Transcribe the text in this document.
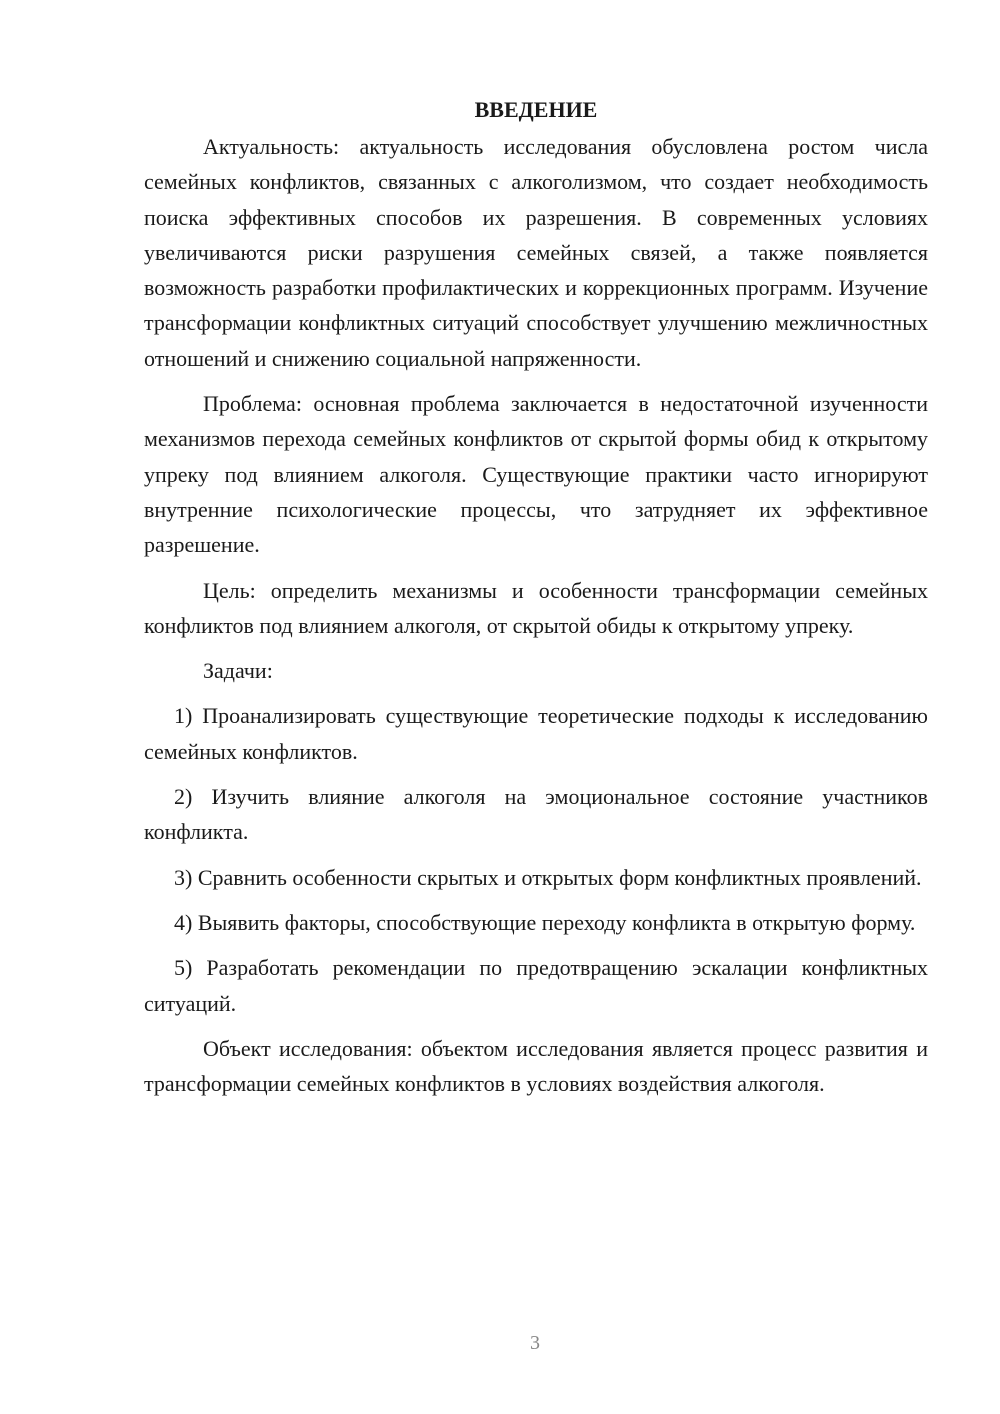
ВВЕДЕНИЕ

Актуальность: актуальность исследования обусловлена ростом числа семейных конфликтов, связанных с алкоголизмом, что создает необходимость поиска эффективных способов их разрешения. В современных условиях увеличиваются риски разрушения семейных связей, а также появляется возможность разработки профилактических и коррекционных программ. Изучение трансформации конфликтных ситуаций способствует улучшению межличностных отношений и снижению социальной напряженности.

Проблема: основная проблема заключается в недостаточной изученности механизмов перехода семейных конфликтов от скрытой формы обид к открытому упреку под влиянием алкоголя. Существующие практики часто игнорируют внутренние психологические процессы, что затрудняет их эффективное разрешение.

Цель: определить механизмы и особенности трансформации семейных конфликтов под влиянием алкоголя, от скрытой обиды к открытому упреку.

Задачи:

1) Проанализировать существующие теоретические подходы к исследованию семейных конфликтов.

2) Изучить влияние алкоголя на эмоциональное состояние участников конфликта.

3) Сравнить особенности скрытых и открытых форм конфликтных проявлений.

4) Выявить факторы, способствующие переходу конфликта в открытую форму.

5) Разработать рекомендации по предотвращению эскалации конфликтных ситуаций.

Объект исследования: объектом исследования является процесс развития и трансформации семейных конфликтов в условиях воздействия алкоголя.

3
